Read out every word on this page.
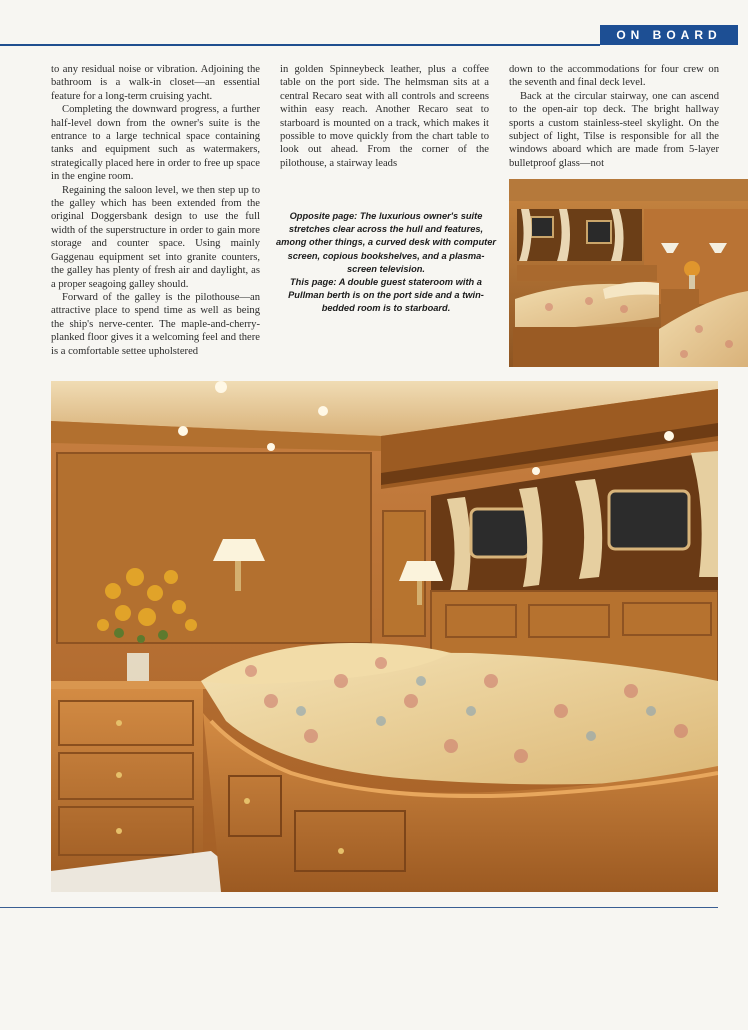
ON BOARD

to any residual noise or vibration. Adjoining the bathroom is a walk-in closet—an essential feature for a long-term cruising yacht.

Completing the downward progress, a further half-level down from the owner's suite is the entrance to a large technical space containing tanks and equipment such as watermakers, strategically placed here in order to free up space in the engine room.

Regaining the saloon level, we then step up to the galley which has been extended from the original Doggersbank design to use the full width of the superstructure in order to gain more storage and counter space. Using mainly Gaggenau equipment set into granite counters, the galley has plenty of fresh air and daylight, as a proper seagoing galley should.

Forward of the galley is the pilothouse—an attractive place to spend time as well as being the ship's nerve-center. The maple-and-cherry-planked floor gives it a welcoming feel and there is a comfortable settee upholstered

in golden Spinneybeck leather, plus a coffee table on the port side. The helmsman sits at a central Recaro seat with all controls and screens within easy reach. Another Recaro seat to starboard is mounted on a track, which makes it possible to move quickly from the chart table to look out ahead. From the corner of the pilothouse, a stairway leads

down to the accommodations for four crew on the seventh and final deck level.

Back at the circular stairway, one can ascend to the open-air top deck. The bright hallway sports a custom stainless-steel skylight. On the subject of light, Tilse is responsible for all the windows aboard which are made from 5-layer bulletproof glass—not

Opposite page: The luxurious owner's suite stretches clear across the hull and features, among other things, a curved desk with computer screen, copious bookshelves, and a plasma-screen television.

This page: A double guest stateroom with a Pullman berth is on the port side and a twin-bedded room is to starboard.
